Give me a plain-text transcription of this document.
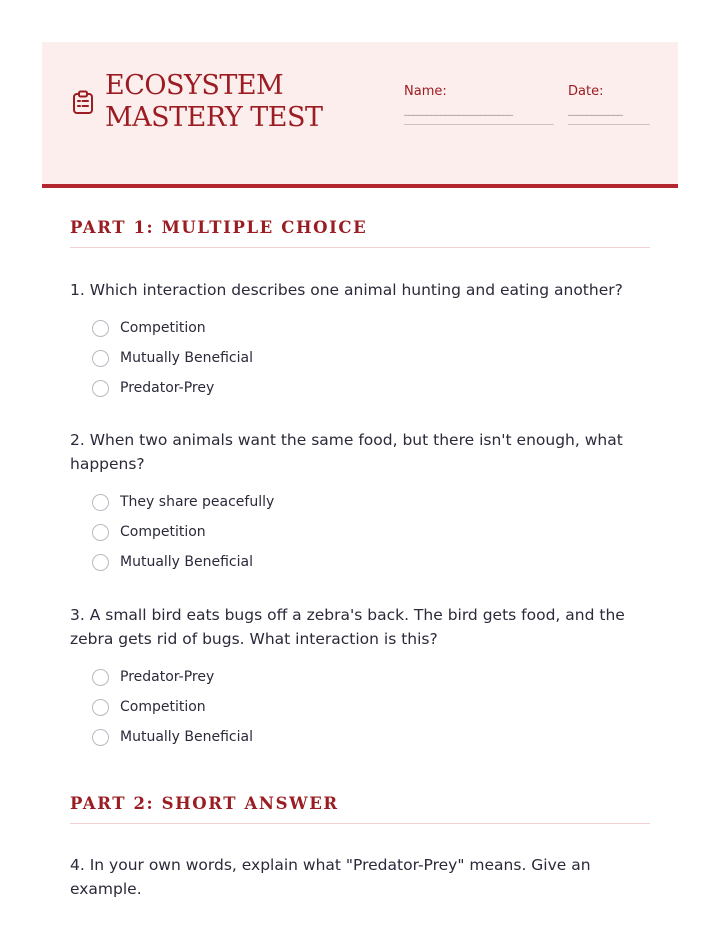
ECOSYSTEM MASTERY TEST
Name:
________________________
Date:
____________
PART 1: MULTIPLE CHOICE
1. Which interaction describes one animal hunting and eating another?
Competition
Mutually Beneficial
Predator-Prey
2. When two animals want the same food, but there isn't enough, what happens?
They share peacefully
Competition
Mutually Beneficial
3. A small bird eats bugs off a zebra's back. The bird gets food, and the zebra gets rid of bugs. What interaction is this?
Predator-Prey
Competition
Mutually Beneficial
PART 2: SHORT ANSWER
4. In your own words, explain what "Predator-Prey" means. Give an example.
